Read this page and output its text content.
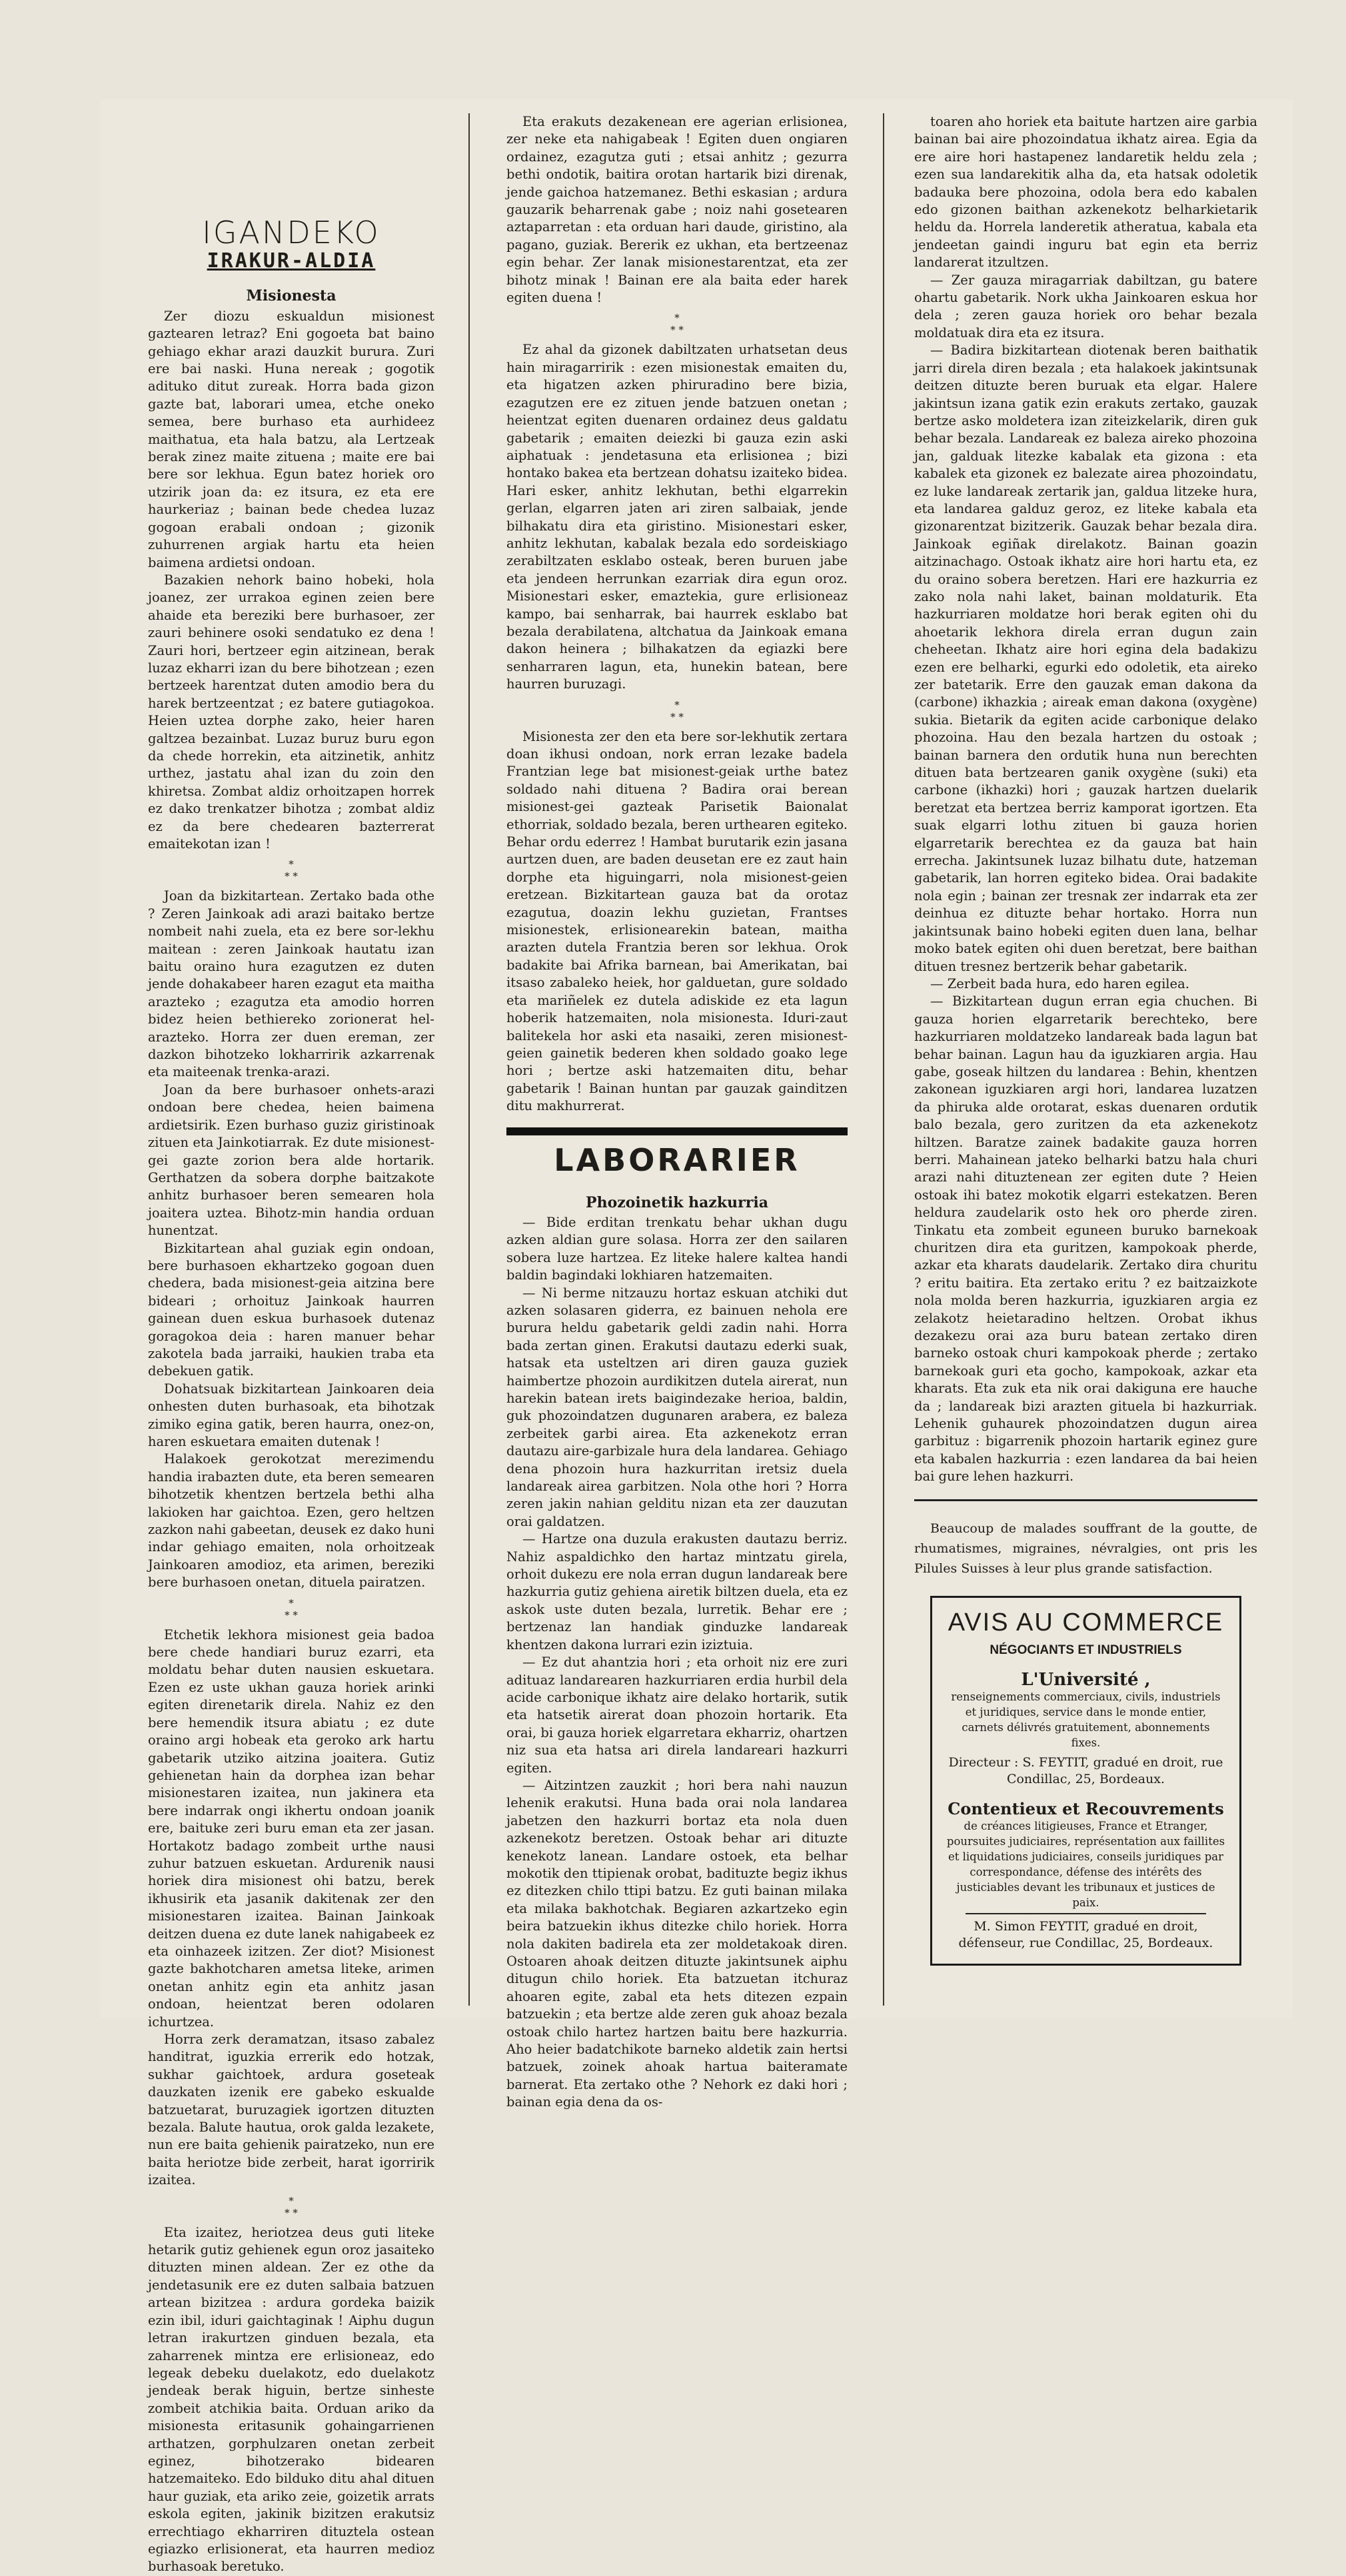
IGANDEKO
IRAKUR-ALDIA
Misionesta

Zer diozu eskualdun misionest gaztearen letraz? Eni gogoeta bat baino gehiago ekhar arazi dauzkit burura. Zuri ere bai naski. Huna nereak ; gogotik adituko ditut zureak. Horra bada gizon gazte bat, laborari umea, etche oneko semea, bere burhaso eta aurhideez maithatua, eta hala batzu, ala Lertzeak berak zinez maite zituena ; maite ere bai bere sor lekhua. Egun batez horiek oro utzirik joan da: ez itsura, ez eta ere haurkeriaz ; bainan bede chedea luzaz gogoan erabali ondoan ; gizonik zuhurrenen argiak hartu eta heien baimena ardietsi ondoan.

Bazakien nehork baino hobeki, hola joanez, zer urrakoa eginen zeien bere ahaide eta bereziki bere burhasoer, zer zauri behinere osoki sendatuko ez dena ! Zauri hori, bertzeer egin aitzinean, berak luzaz ekharri izan du bere bihotzean ; ezen bertzeek harentzat duten amodio bera du harek bertzeentzat ; ez batere gutiagokoa. Heien uztea dorphe zako, heier haren galtzea bezainbat. Luzaz buruz buru egon da chede horrekin, eta aitzinetik, anhitz urthez, jastatu ahal izan du zoin den khiretsa. Zombat aldiz orhoitzapen horrek ez dako trenkatzer bihotza ; zombat aldiz ez da bere chedearen bazterrerat emaitekotan izan !

*
* *

Joan da bizkitartean. Zertako bada othe ? Zeren Jainkoak adi arazi baitako bertze nombeit nahi zuela, eta ez bere sor-lekhu maitean : zeren Jainkoak hautatu izan baitu oraino hura ezagutzen ez duten jende dohakabeer haren ezagut eta maitha arazteko ; ezagutza eta amodio horren bidez heien bethiereko zorionerat hel-arazteko. Horra zer duen ereman, zer dazkon bihotzeko lokharririk azkarrenak eta maiteenak trenka-arazi.

Joan da bere burhasoer onhets-arazi ondoan bere chedea, heien baimena ardietsirik. Ezen burhaso guziz giristinoak zituen eta Jainkotiarrak. Ez dute misionest-gei gazte zorion bera alde hortarik. Gerthatzen da sobera dorphe baitzakote anhitz burhasoer beren semearen hola joaitera uztea. Bihotz-min handia orduan hunentzat.

Bizkitartean ahal guziak egin ondoan, bere burhasoen ekhartzeko gogoan duen chedera, bada misionest-geia aitzina bere bideari ; orhoituz Jainkoak haurren gainean duen eskua burhasoek dutenaz goragokoa deia : haren manuer behar zakotela bada jarraiki, haukien traba eta debekuen gatik.

Dohatsuak bizkitartean Jainkoaren deia onhesten duten burhasoak, eta bihotzak zimiko egina gatik, beren haurra, onez-on, haren eskuetara emaiten dutenak !

Halakoek gerokotzat merezimendu handia irabazten dute, eta beren semearen bihotzetik khentzen bertzela bethi alha lakioken har gaichtoa. Ezen, gero heltzen zazkon nahi gabeetan, deusek ez dako huni indar gehiago emaiten, nola orhoitzeak Jainkoaren amodioz, eta arimen, bereziki bere burhasoen onetan, dituela pairatzen.

*
* *

Etchetik lekhora misionest geia badoa bere chede handiari buruz ezarri, eta moldatu behar duten nausien eskuetara. Ezen ez uste ukhan gauza horiek arinki egiten direnetarik direla. Nahiz ez den bere hemendik itsura abiatu ; ez dute oraino argi hobeak eta geroko ark hartu gabetarik utziko aitzina joaitera. Gutiz gehienetan hain da dorphea izan behar misionestaren izaitea, nun jakinera eta bere indarrak ongi ikhertu ondoan joanik ere, baituke zeri buru eman eta zer jasan. Hortakotz badago zombeit urthe nausi zuhur batzuen eskuetan. Ardurenik nausi horiek dira misionest ohi batzu, berek ikhusirik eta jasanik dakitenak zer den misionestaren izaitea. Bainan Jainkoak deitzen duena ez dute lanek nahigabeek ez eta oinhazeek izitzen. Zer diot? Misionest gazte bakhotcharen ametsa liteke, arimen onetan anhitz egin eta anhitz jasan ondoan, heientzat beren odolaren ichurtzea.

Horra zerk deramatzan, itsaso zabalez handitrat, iguzkia errerik edo hotzak, sukhar gaichtoek, ardura goseteak dauzkaten izenik ere gabeko eskualde batzuetarat, buruzagiek igortzen dituzten bezala. Balute hautua, orok galda lezakete, nun ere baita gehienik pairatzeko, nun ere baita heriotze bide zerbeit, harat igorririk izaitea.

*
* *

Eta izaitez, heriotzea deus guti liteke hetarik gutiz gehienek egun oroz jasaiteko dituzten minen aldean. Zer ez othe da jendetasunik ere ez duten salbaia batzuen artean bizitzea : ardura gordeka baizik ezin ibil, iduri gaichtaginak ! Aiphu dugun letran irakurtzen ginduen bezala, eta zaharrenek mintza ere erlisioneaz, edo legeak debeku duelakotz, edo duelakotz jendeak berak higuin, bertze sinheste zombeit atchikia baita. Orduan ariko da misionesta eritasunik gohaingarrienen arthatzen, gorphulzaren onetan zerbeit eginez, bihotzerako bidearen hatzemaiteko. Edo bilduko ditu ahal dituen haur guziak, eta ariko zeie, goizetik arrats eskola egiten, jakinik bizitzen erakutsiz errechtiago ekharriren dituztela ostean egiazko erlisionerat, eta haurren medioz burhasoak beretuko.

Eta erakuts dezakenean ere agerian erlisionea, zer neke eta nahigabeak ! Egiten duen ongiaren ordainez, ezagutza guti ; etsai anhitz ; gezurra bethi ondotik, baitira orotan hartarik bizi direnak, jende gaichoa hatzemanez. Bethi eskasian ; ardura gauzarik beharrenak gabe ; noiz nahi gosetearen aztaparretan : eta orduan hari daude, giristino, ala pagano, guziak. Bererik ez ukhan, eta bertzeenaz egin behar. Zer lanak misionestarentzat, eta zer bihotz minak ! Bainan ere ala baita eder harek egiten duena !

*
* *

Ez ahal da gizonek dabiltzaten urhatsetan deus hain miragarririk : ezen misionestak emaiten du, eta higatzen azken phiruradino bere bizia, ezagutzen ere ez zituen jende batzuen onetan ; heientzat egiten duenaren ordainez deus galdatu gabetarik ; emaiten deiezki bi gauza ezin aski aiphatuak : jendetasuna eta erlisionea ; bizi hontako bakea eta bertzean dohatsu izaiteko bidea. Hari esker, anhitz lekhutan, bethi elgarrekin gerlan, elgarren jaten ari ziren salbaiak, jende bilhakatu dira eta giristino. Misionestari esker, anhitz lekhutan, kabalak bezala edo sordeiskiago zerabiltzaten esklabo osteak, beren buruen jabe eta jendeen herrunkan ezarriak dira egun oroz. Misionestari esker, emaztekia, gure erlisioneaz kampo, bai senharrak, bai haurrek esklabo bat bezala derabilatena, altchatua da Jainkoak emana dakon heinera ; bilhakatzen da egiazki bere senharraren lagun, eta, hunekin batean, bere haurren buruzagi.

*
* *

Misionesta zer den eta bere sor-lekhutik zertara doan ikhusi ondoan, nork erran lezake badela Frantzian lege bat misionest-geiak urthe batez soldado nahi dituena ? Badira orai berean misionest-gei gazteak Parisetik Baionalat ethorriak, soldado bezala, beren urthearen egiteko. Behar ordu ederrez ! Hambat burutarik ezin jasana aurtzen duen, are baden deusetan ere ez zaut hain dorphe eta higuingarri, nola misionest-geien eretzean. Bizkitartean gauza bat da orotaz ezagutua, doazin lekhu guzietan, Frantses misionestek, erlisionearekin batean, maitha arazten dutela Frantzia beren sor lekhua. Orok badakite bai Afrika barnean, bai Amerikatan, bai itsaso zabaleko heiek, hor galduetan, gure soldado eta mariñelek ez dutela adiskide ez eta lagun hoberik hatzemaiten, nola misionesta. Iduri-zaut balitekela hor aski eta nasaiki, zeren misionest-geien gainetik bederen khen soldado goako lege hori ; bertze aski hatzemaiten ditu, behar gabetarik ! Bainan huntan par gauzak gainditzen ditu makhurrerat.

LABORARIER
Phozoinetik hazkurria

— Bide erditan trenkatu behar ukhan dugu azken aldian gure solasa. Horra zer den sailaren sobera luze hartzea. Ez liteke halere kaltea handi baldin bagindaki lokhiaren hatzemaiten.

— Ni berme nitzauzu hortaz eskuan atchiki dut azken solasaren giderra, ez bainuen nehola ere burura heldu gabetarik geldi zadin nahi. Horra bada zertan ginen. Erakutsi dautazu ederki suak, hatsak eta usteltzen ari diren gauza guziek haimbertze phozoin aurdikitzen dutela airerat, nun harekin batean irets baigindezake herioa, baldin, guk phozoindatzen dugunaren arabera, ez baleza zerbeitek garbi airea. Eta azkenekotz erran dautazu aire-garbizale hura dela landarea. Gehiago dena phozoin hura hazkurritan iretsiz duela landareak airea garbitzen. Nola othe hori ? Horra zeren jakin nahian gelditu nizan eta zer dauzutan orai galdatzen.

— Hartze ona duzula erakusten dautazu berriz. Nahiz aspaldichko den hartaz mintzatu girela, orhoit dukezu ere nola erran dugun landareak bere hazkurria gutiz gehiena airetik biltzen duela, eta ez askok uste duten bezala, lurretik. Behar ere ; bertzenaz lan handiak ginduzke landareak khentzen dakona lurrari ezin iziztuia.

— Ez dut ahantzia hori ; eta orhoit niz ere zuri adituaz landarearen hazkurriaren erdia hurbil dela acide carbonique ikhatz aire delako hortarik, sutik eta hatsetik airerat doan phozoin hortarik. Eta orai, bi gauza horiek elgarretara ekharriz, ohartzen niz sua eta hatsa ari direla landareari hazkurri egiten.

— Aitzintzen zauzkit ; hori bera nahi nauzun lehenik erakutsi. Huna bada orai nola landarea jabetzen den hazkurri bortaz eta nola duen azkenekotz beretzen. Ostoak behar ari dituzte kenekotz lanean. Landare ostoek, eta belhar mokotik den ttipienak orobat, badituzte begiz ikhus ez ditezken chilo ttipi batzu. Ez guti bainan milaka eta milaka bakhotchak. Begiaren azkartzeko egin beira batzuekin ikhus ditezke chilo horiek. Horra nola dakiten badirela eta zer moldetakoak diren. Ostoaren ahoak deitzen dituzte jakintsunek aiphu ditugun chilo horiek. Eta batzuetan itchuraz ahoaren egite, zabal eta hets ditezen ezpain batzuekin ; eta bertze alde zeren guk ahoaz bezala ostoak chilo hartez hartzen baitu bere hazkurria. Aho heier badatchikote barneko aldetik zain hertsi batzuek, zoinek ahoak hartua baiteramate barnerat. Eta zertako othe ? Nehork ez daki hori ; bainan egia dena da os-

toaren aho horiek eta baitute hartzen aire garbia bainan bai aire phozoindatua ikhatz airea. Egia da ere aire hori hastapenez landaretik heldu zela ; ezen sua landarekitik alha da, eta hatsak odoletik badauka bere phozoina, odola bera edo kabalen edo gizonen baithan azkenekotz belharkietarik heldu da. Horrela landeretik atheratua, kabala eta jendeetan gaindi inguru bat egin eta berriz landarerat itzultzen.

— Zer gauza miragarriak dabiltzan, gu batere ohartu gabetarik. Nork ukha Jainkoaren eskua hor dela ; zeren gauza horiek oro behar bezala moldatuak dira eta ez itsura.

— Badira bizkitartean diotenak beren baithatik jarri direla diren bezala ; eta halakoek jakintsunak deitzen dituzte beren buruak eta elgar. Halere jakintsun izana gatik ezin erakuts zertako, gauzak bertze asko moldetera izan ziteizkelarik, diren guk behar bezala. Landareak ez baleza aireko phozoina jan, galduak litezke kabalak eta gizona : eta kabalek eta gizonek ez balezate airea phozoindatu, ez luke landareak zertarik jan, galdua litzeke hura, eta landarea galduz geroz, ez liteke kabala eta gizonarentzat bizitzerik. Gauzak behar bezala dira. Jainkoak egiñak direlakotz. Bainan goazin aitzinachago. Ostoak ikhatz aire hori hartu eta, ez du oraino sobera beretzen. Hari ere hazkurria ez zako nola nahi laket, bainan moldaturik. Eta hazkurriaren moldatze hori berak egiten ohi du ahoetarik lekhora direla erran dugun zain cheheetan. Ikhatz aire hori egina dela badakizu ezen ere belharki, egurki edo odoletik, eta aireko zer batetarik. Erre den gauzak eman dakona da (carbone) ikhazkia ; aireak eman dakona (oxygène) sukia. Bietarik da egiten acide carbonique delako phozoina. Hau den bezala hartzen du ostoak ; bainan barnera den ordutik huna nun berechten dituen bata bertzearen ganik oxygène (suki) eta carbone (ikhazki) hori ; gauzak hartzen duelarik beretzat eta bertzea berriz kamporat igortzen. Eta suak elgarri lothu zituen bi gauza horien elgarretarik berechtea ez da gauza bat hain errecha. Jakintsunek luzaz bilhatu dute, hatzeman gabetarik, lan horren egiteko bidea. Orai badakite nola egin ; bainan zer tresnak zer indarrak eta zer deinhua ez dituzte behar hortako. Horra nun jakintsunak baino hobeki egiten duen lana, belhar moko batek egiten ohi duen beretzat, bere baithan dituen tresnez bertzerik behar gabetarik.

— Zerbeit bada hura, edo haren egilea.

— Bizkitartean dugun erran egia chuchen. Bi gauza horien elgarretarik berechteko, bere hazkurriaren moldatzeko landareak bada lagun bat behar bainan. Lagun hau da iguzkiaren argia. Hau gabe, goseak hiltzen du landarea : Behin, khentzen zakonean iguzkiaren argi hori, landarea luzatzen da phiruka alde orotarat, eskas duenaren ordutik balo bezala, gero zuritzen da eta azkenekotz hiltzen. Baratze zainek badakite gauza horren berri. Mahainean jateko belharki batzu hala churi arazi nahi dituztenean zer egiten dute ? Heien ostoak ihi batez mokotik elgarri estekatzen. Beren heldura zaudelarik osto hek oro pherde ziren. Tinkatu eta zombeit eguneen buruko barnekoak churitzen dira eta guritzen, kampokoak pherde, azkar eta kharats daudelarik. Zertako dira churitu ? eritu baitira. Eta zertako eritu ? ez baitzaizkote nola molda beren hazkurria, iguzkiaren argia ez zelakotz heietaradino heltzen. Orobat ikhus dezakezu orai aza buru batean zertako diren barneko ostoak churi kampokoak pherde ; zertako barnekoak guri eta gocho, kampokoak, azkar eta kharats. Eta zuk eta nik orai dakiguna ere hauche da ; landareak bizi arazten gituela bi hazkurriak. Lehenik guhaurek phozoindatzen dugun airea garbituz : bigarrenik phozoin hartarik eginez gure eta kabalen hazkurria : ezen landarea da bai heien bai gure lehen hazkurri.

Beaucoup de malades souffrant de la goutte, de rhumatismes, migraines, névralgies, ont pris les Pilules Suisses à leur plus grande satisfaction.

AVIS AU COMMERCE
NÉGOCIANTS ET INDUSTRIELS
L'Université ,
renseignements commerciaux, civils, industriels et juridiques, service dans le monde entier, carnets délivrés gratuitement, abonnements fixes.
Directeur : S. FEYTIT, gradué en droit, rue Condillac, 25, Bordeaux.
Contentieux et Recouvrements
de créances litigieuses, France et Etranger, poursuites judiciaires, représentation aux faillites et liquidations judiciaires, conseils juridiques par correspondance, défense des intérêts des justiciables devant les tribunaux et justices de paix.
M. Simon FEYTIT, gradué en droit, défenseur, rue Condillac, 25, Bordeaux.
